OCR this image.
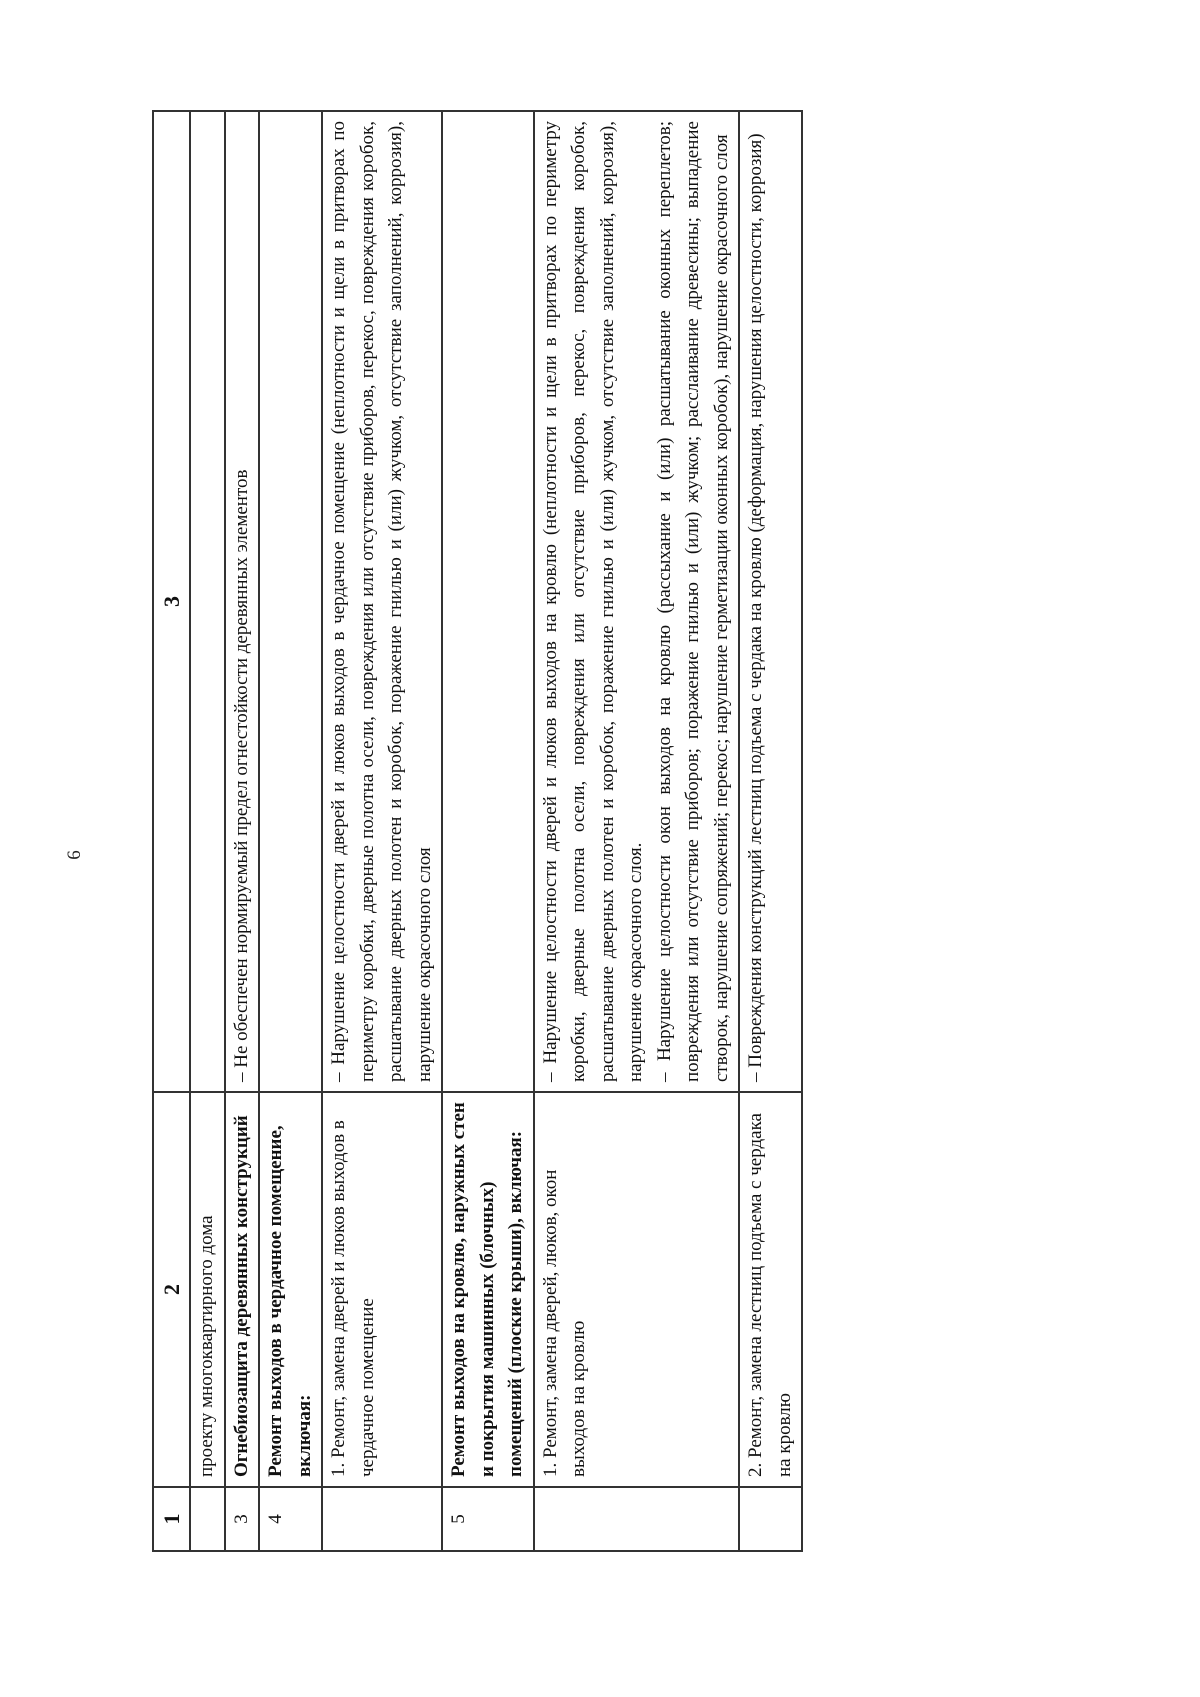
6
1	2	3
	проекту многоквартирного дома	
3	Огнебиозащита деревянных конструкций	– Не обеспечен нормируемый предел огнестойкости деревянных элементов
4	Ремонт выходов в чердачное помещение, включая:	
	1. Ремонт, замена дверей и люков выходов в чердачное помещение	– Нарушение целостности дверей и люков выходов в чердачное помещение (неплотности и щели в притворах по периметру коробки, дверные полотна осели, повреждения или отсутствие приборов, перекос, повреждения коробок, расшатывание дверных полотен и коробок, поражение гнилью и (или) жучком, отсутствие заполнений, коррозия), нарушение окрасочного слоя
5	Ремонт выходов на кровлю, наружных стен и покрытия машинных (блочных) помещений (плоские крыши), включая:	
	1. Ремонт, замена дверей, люков, окон выходов на кровлю	– Нарушение целостности дверей и люков выходов на кровлю (неплотности и щели в притворах по периметру коробки, дверные полотна осели, повреждения или отсутствие приборов, перекос, повреждения коробок, расшатывание дверных полотен и коробок, поражение гнилью и (или) жучком, отсутствие заполнений, коррозия), нарушение окрасочного слоя. – Нарушение целостности окон выходов на кровлю (рассыхание и (или) расшатывание оконных переплетов; повреждения или отсутствие приборов; поражение гнилью и (или) жучком; расслаивание древесины; выпадение створок, нарушение сопряжений; перекос; нарушение герметизации оконных коробок), нарушение окрасочного слоя

	2. Ремонт, замена лестниц подъема с чердака на кровлю	– Повреждения конструкций лестниц подъема с чердака на кровлю (деформация, нарушения целостности, коррозия)
